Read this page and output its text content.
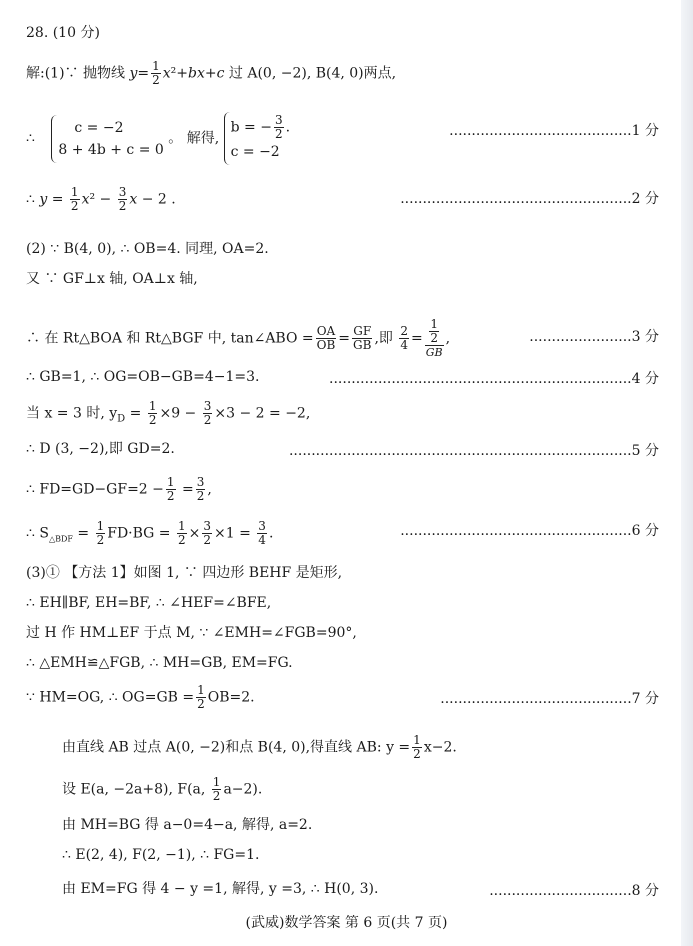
28. (10 分)
解:(1)∵ 抛物线 $y= \frac{1}{2} x^2+bx+c$ 过 A(0, −2), B(4, 0)两点,
∴
c = −2
8 + 4b + c = 0
。 解得,
b = − $\frac{3}{2}$ .
c = −2
.........................................1 分
∴ $y = \frac{1}{2} x^2 - \frac{3}{2}$ x − 2 .	....................................................2 分
(2) ∵ B(4, 0), ∴ OB=4. 同理, OA=2.
又 ∵ GF⊥x 轴, OA⊥x 轴,
∴ 在 Rt△BOA 和 Rt△BGF 中, tan∠ABO = $\frac{OA}{OB} = \frac{GF}{GB}$ ,即 $\frac{2}{4} = \frac{\frac{1}{2}}{GB}$ ,	.......................3 分
∴ GB=1, ∴ OG=OB−GB=4−1=3.	....................................................................4 分
当 x = 3 时, $y_D = \frac{1}{2} \times 9 - \frac{3}{2} \times 3 - 2 = -2$,
∴ D (3, −2),即 GD=2.	.............................................................................5 分
∴ $FD=GD-GF=2 - \frac{1}{2} = \frac{3}{2}$ ,
∴ $S_{\triangle BDF} = \frac{1}{2} FD\cdot BG = \frac{1}{2} \times \frac{3}{2} \times 1 = \frac{3}{4}$ .	....................................................6 分
(3)① 【方法 1】如图 1, ∵ 四边形 BEHF 是矩形,
∴ EH∥BF, EH=BF, ∴ ∠HEF=∠BFE,
过 H 作 HM⊥EF 于点 M, ∵ ∠EMH=∠FGB=90°,
∴ △EMH≌△FGB, ∴ MH=GB, EM=FG.
∵ HM=OG, ∴ $OG=GB = \frac{1}{2} OB=2$.	...........................................7 分
由直线 AB 过点 A(0, −2)和点 B(4, 0),得直线 AB: $y = \frac{1}{2} x-2$.
设 E(a, −2a+8), F(a, $\frac{1}{2} a-2$).
由 MH=BG 得 a−0=4−a, 解得, a=2.
∴ E(2, 4), F(2, −1), ∴ FG=1.
由 EM=FG 得 4 − y =1, 解得, y =3, ∴ H(0, 3).	................................8 分
(武威)数学答案 第 6 页(共 7 页)
